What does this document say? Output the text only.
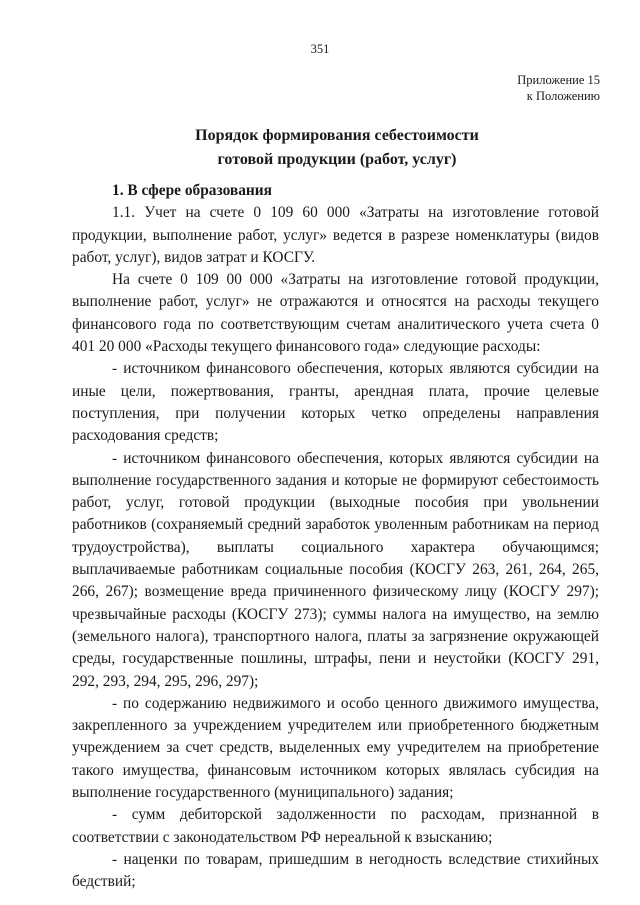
351
Приложение 15
к Положению
Порядок формирования себестоимости
готовой продукции (работ, услуг)

1. В сфере образования

1.1. Учет на счете 0 109 60 000 «Затраты на изготовление готовой продукции, выполнение работ, услуг» ведется в разрезе номенклатуры (видов работ, услуг), видов затрат и КОСГУ.

На счете 0 109 00 000 «Затраты на изготовление готовой продукции, выполнение работ, услуг» не отражаются и относятся на расходы текущего финансового года по соответствующим счетам аналитического учета счета 0 401 20 000 «Расходы текущего финансового года» следующие расходы:

- источником финансового обеспечения, которых являются субсидии на иные цели, пожертвования, гранты, арендная плата, прочие целевые поступления, при получении которых четко определены направления расходования средств;

- источником финансового обеспечения, которых являются субсидии на выполнение государственного задания и которые не формируют себестоимость работ, услуг, готовой продукции (выходные пособия при увольнении работников (сохраняемый средний заработок уволенным работникам на период трудоустройства), выплаты социального характера обучающимся; выплачиваемые работникам социальные пособия (КОСГУ 263, 261, 264, 265, 266, 267); возмещение вреда причиненного физическому лицу (КОСГУ 297); чрезвычайные расходы (КОСГУ 273); суммы налога на имущество, на землю (земельного налога), транспортного налога, платы за загрязнение окружающей среды, государственные пошлины, штрафы, пени и неустойки (КОСГУ 291, 292, 293, 294, 295, 296, 297);

- по содержанию недвижимого и особо ценного движимого имущества, закрепленного за учреждением учредителем или приобретенного бюджетным учреждением за счет средств, выделенных ему учредителем на приобретение такого имущества, финансовым источником которых являлась субсидия на выполнение государственного (муниципального) задания;

- сумм дебиторской задолженности по расходам, признанной в соответствии с законодательством РФ нереальной к взысканию;

- наценки по товарам, пришедшим в негодность вследствие стихийных бедствий;
